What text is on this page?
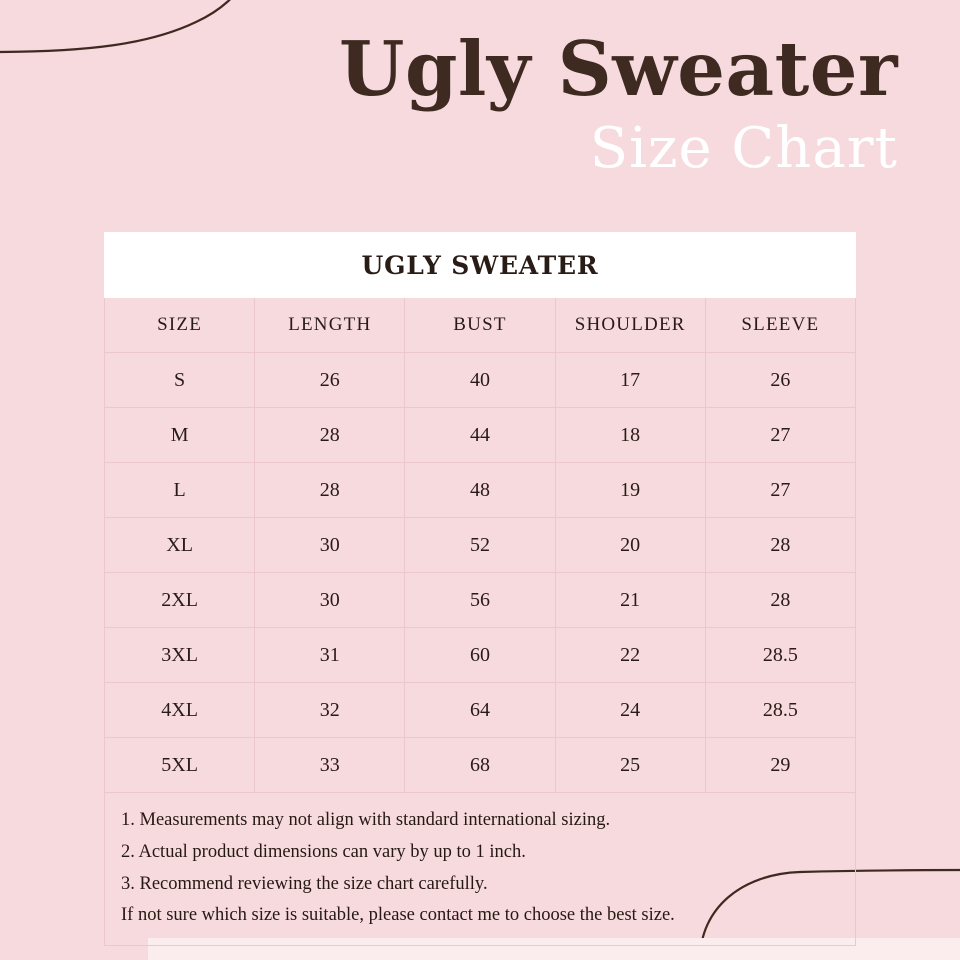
Ugly Sweater
Size Chart
UGLY SWEATER				
SIZE	LENGTH	BUST	SHOULDER	SLEEVE
S	26	40	17	26
M	28	44	18	27
L	28	48	19	27
XL	30	52	20	28
2XL	30	56	21	28
3XL	31	60	22	28.5
4XL	32	64	24	28.5
5XL	33	68	25	29

1. Measurements may not align with standard international sizing.

2. Actual product dimensions can vary by up to 1 inch.

3. Recommend reviewing the size chart carefully.

If not sure which size is suitable, please contact me to choose the best size.
